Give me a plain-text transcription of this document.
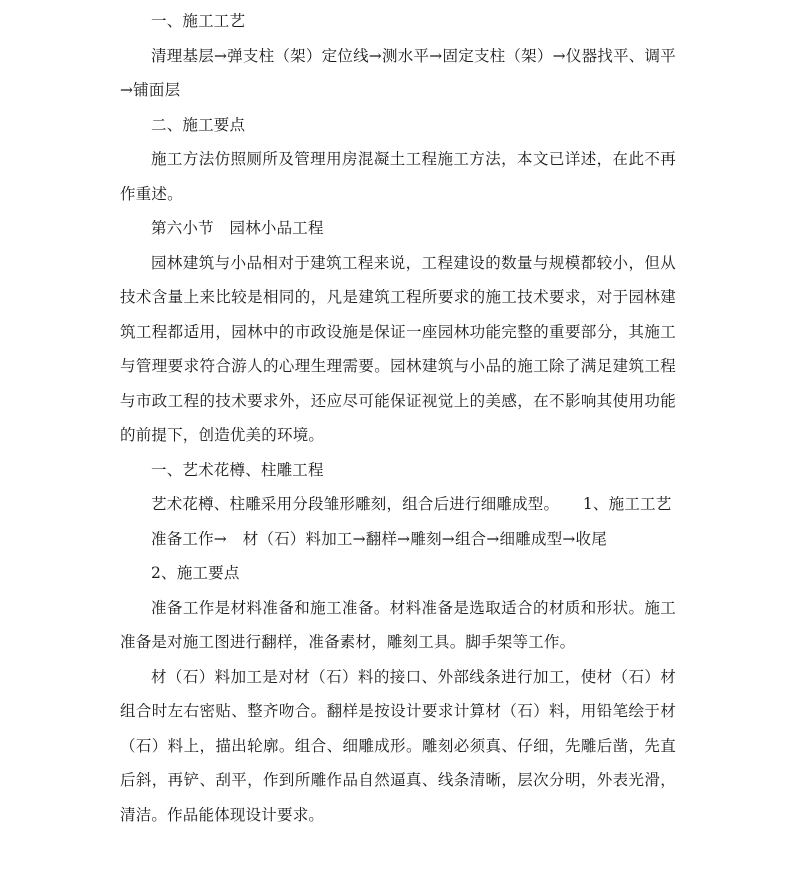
一、施工工艺

清理基层→弹支柱（架）定位线→测水平→固定支柱（架）→仪器找平、调平→铺面层

二、施工要点

施工方法仿照厕所及管理用房混凝土工程施工方法，本文已详述，在此不再作重述。

第六小节　园林小品工程

园林建筑与小品相对于建筑工程来说，工程建设的数量与规模都较小，但从技术含量上来比较是相同的，凡是建筑工程所要求的施工技术要求，对于园林建筑工程都适用，园林中的市政设施是保证一座园林功能完整的重要部分，其施工与管理要求符合游人的心理生理需要。园林建筑与小品的施工除了满足建筑工程与市政工程的技术要求外，还应尽可能保证视觉上的美感，在不影响其使用功能的前提下，创造优美的环境。

一、艺术花樽、柱雕工程

艺术花樽、柱雕采用分段雏形雕刻，组合后进行细雕成型。　　1、施工工艺

准备工作→　材（石）料加工→翻样→雕刻→组合→细雕成型→收尾

2、施工要点

准备工作是材料准备和施工准备。材料准备是选取适合的材质和形状。施工准备是对施工图进行翻样，准备素材，雕刻工具。脚手架等工作。

材（石）料加工是对材（石）料的接口、外部线条进行加工，使材（石）材组合时左右密贴、整齐吻合。翻样是按设计要求计算材（石）料，用铅笔绘于材（石）料上，描出轮廓。组合、细雕成形。雕刻必须真、仔细，先雕后凿，先直后斜，再铲、刮平，作到所雕作品自然逼真、线条清晰，层次分明，外表光滑，清洁。作品能体现设计要求。
